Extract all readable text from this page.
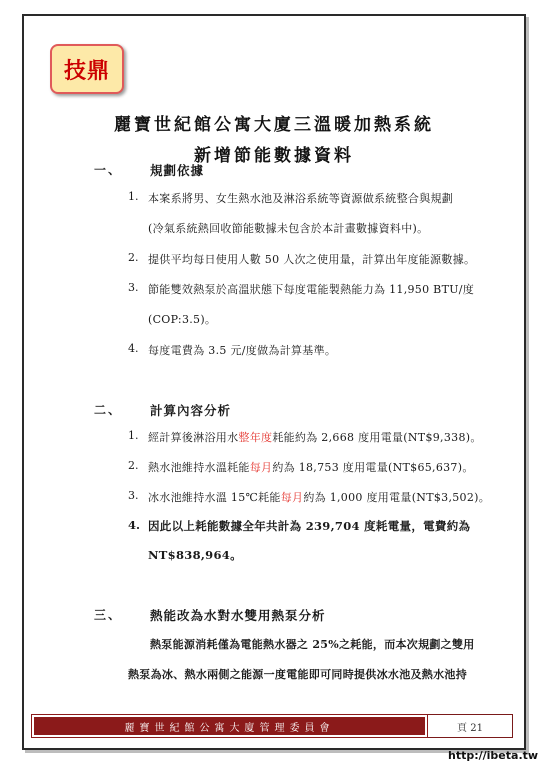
技鼎
麗寶世紀館公寓大廈三溫暖加熱系統
新增節能數據資料
一、 規劃依據
1. 本案系將男、女生熱水池及淋浴系統等資源做系統整合與規劃
(冷氣系統熱回收節能數據未包含於本計畫數據資料中)。
2. 提供平均每日使用人數 50 人次之使用量，計算出年度能源數據。
3. 節能雙效熱泵於高溫狀態下每度電能製熱能力為 11,950 BTU/度
(COP:3.5)。
4. 每度電費為 3.5 元/度做為計算基準。
二、 計算內容分析
1. 經計算後淋浴用水整年度耗能約為 2,668 度用電量(NT$9,338)。
2. 熱水池維持水溫耗能每月約為 18,753 度用電量(NT$65,637)。
3. 冰水池維持水溫 15℃耗能每月約為 1,000 度用電量(NT$3,502)。
4. 因此以上耗能數據全年共計為 239,704 度耗電量，電費約為
NT$838,964。
三、 熱能改為水對水雙用熱泵分析
熱泵能源消耗僅為電能熱水器之 25%之耗能，而本次規劃之雙用
熱泵為冰、熱水兩側之能源一度電能即可同時提供冰水池及熱水池持
麗寶世紀館公寓大廈管理委員會	頁 21
http://ibeta.tw
